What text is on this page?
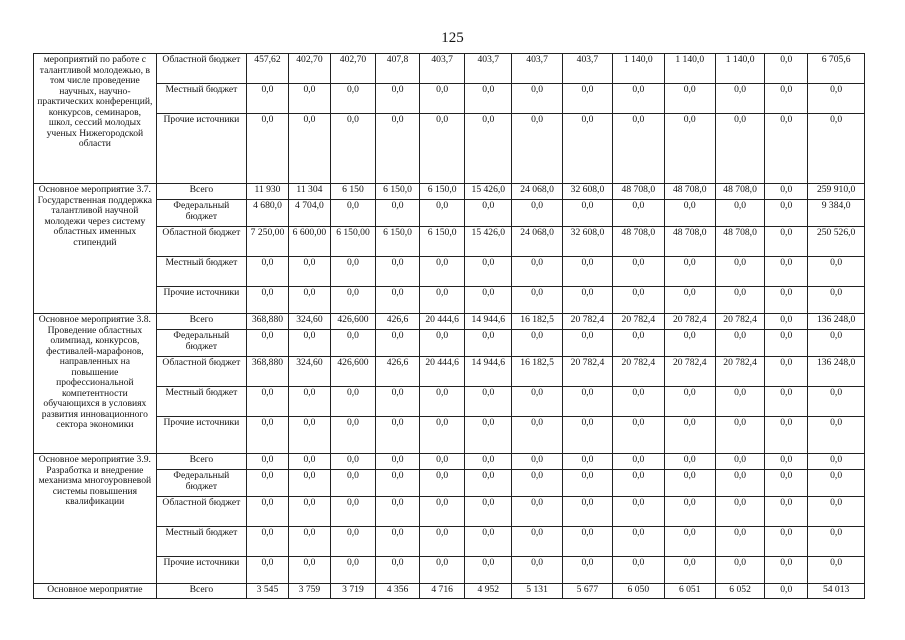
125
мероприятий по работе с талантливой молодежью, в том числе проведение научных, научно-практических конференций, конкурсов, семинаров, школ, сессий молодых ученых Нижегородской области	Областной бюджет	457,62	402,70	402,70	407,8	403,7	403,7	403,7	403,7	1 140,0	1 140,0	1 140,0	0,0	6 705,6
	Местный бюджет	0,0	0,0	0,0	0,0	0,0	0,0	0,0	0,0	0,0	0,0	0,0	0,0	0,0
	Прочие источники	0,0	0,0	0,0	0,0	0,0	0,0	0,0	0,0	0,0	0,0	0,0	0,0	0,0
Основное мероприятие 3.7. Государственная поддержка талантливой научной молодежи через систему областных именных стипендий	Всего	11 930	11 304	6 150	6 150,0	6 150,0	15 426,0	24 068,0	32 608,0	48 708,0	48 708,0	48 708,0	0,0	259 910,0
	Федеральный бюджет	4 680,0	4 704,0	0,0	0,0	0,0	0,0	0,0	0,0	0,0	0,0	0,0	0,0	9 384,0
	Областной бюджет	7 250,00	6 600,00	6 150,00	6 150,0	6 150,0	15 426,0	24 068,0	32 608,0	48 708,0	48 708,0	48 708,0	0,0	250 526,0
	Местный бюджет	0,0	0,0	0,0	0,0	0,0	0,0	0,0	0,0	0,0	0,0	0,0	0,0	0,0
	Прочие источники	0,0	0,0	0,0	0,0	0,0	0,0	0,0	0,0	0,0	0,0	0,0	0,0	0,0
Основное мероприятие 3.8. Проведение областных олимпиад, конкурсов, фестивалей-марафонов, направленных на повышение профессиональной компетентности обучающихся в условиях развития инновационного сектора экономики	Всего	368,880	324,60	426,600	426,6	20 444,6	14 944,6	16 182,5	20 782,4	20 782,4	20 782,4	20 782,4	0,0	136 248,0
	Федеральный бюджет	0,0	0,0	0,0	0,0	0,0	0,0	0,0	0,0	0,0	0,0	0,0	0,0	0,0
	Областной бюджет	368,880	324,60	426,600	426,6	20 444,6	14 944,6	16 182,5	20 782,4	20 782,4	20 782,4	20 782,4	0,0	136 248,0
	Местный бюджет	0,0	0,0	0,0	0,0	0,0	0,0	0,0	0,0	0,0	0,0	0,0	0,0	0,0
	Прочие источники	0,0	0,0	0,0	0,0	0,0	0,0	0,0	0,0	0,0	0,0	0,0	0,0	0,0
Основное мероприятие 3.9. Разработка и внедрение механизма многоуровневой системы повышения квалификации	Всего	0,0	0,0	0,0	0,0	0,0	0,0	0,0	0,0	0,0	0,0	0,0	0,0	0,0
	Федеральный бюджет	0,0	0,0	0,0	0,0	0,0	0,0	0,0	0,0	0,0	0,0	0,0	0,0	0,0
	Областной бюджет	0,0	0,0	0,0	0,0	0,0	0,0	0,0	0,0	0,0	0,0	0,0	0,0	0,0
	Местный бюджет	0,0	0,0	0,0	0,0	0,0	0,0	0,0	0,0	0,0	0,0	0,0	0,0	0,0
	Прочие источники	0,0	0,0	0,0	0,0	0,0	0,0	0,0	0,0	0,0	0,0	0,0	0,0	0,0
Основное мероприятие	Всего	3 545	3 759	3 719	4 356	4 716	4 952	5 131	5 677	6 050	6 051	6 052	0,0	54 013
